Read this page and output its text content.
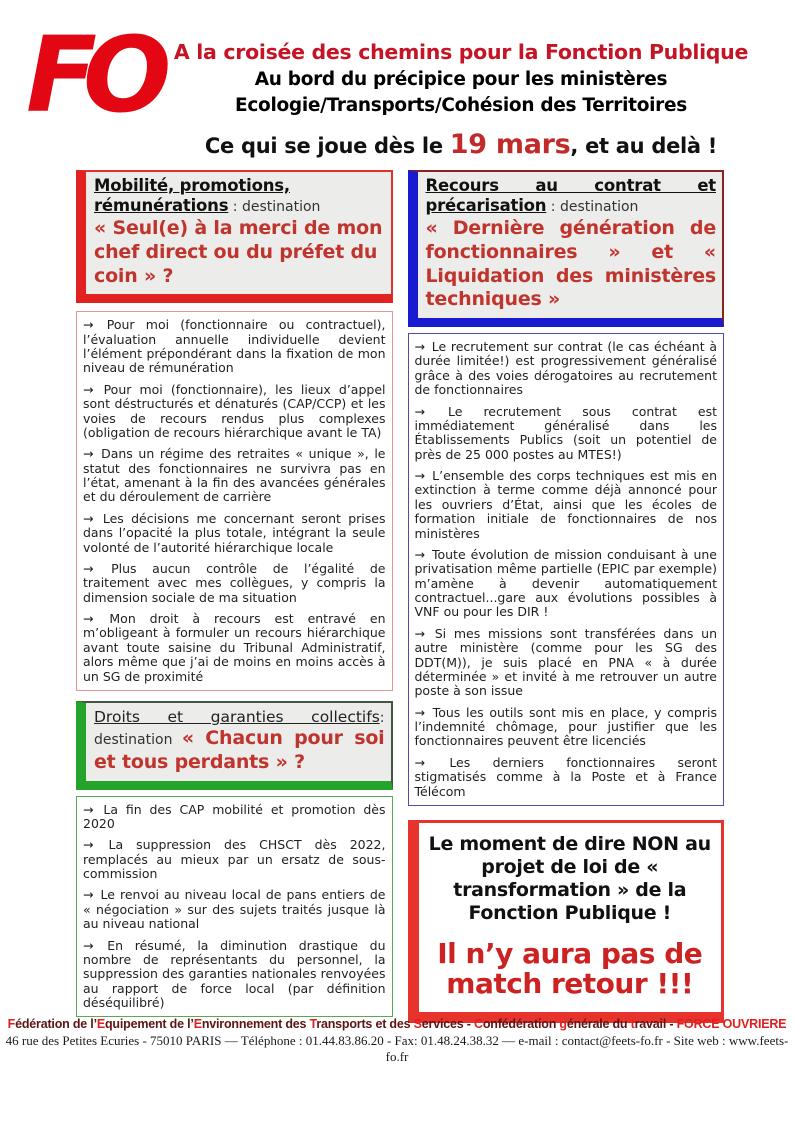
FO A la croisée des chemins pour la Fonction Publique
Au bord du précipice pour les ministères
Ecologie/Transports/Cohésion des Territoires
Ce qui se joue dès le 19 mars, et au delà !
Mobilité, promotions, rémunérations : destination
« Seul(e) à la merci de mon chef direct ou du préfet du coin » ?

→ Pour moi (fonctionnaire ou contractuel), l’évaluation annuelle individuelle devient l’élément prépondérant dans la fixation de mon niveau de rémunération

→ Pour moi (fonctionnaire), les lieux d’appel sont déstructurés et dénaturés (CAP/CCP) et les voies de recours rendus plus complexes (obligation de recours hiérarchique avant le TA)

→ Dans un régime des retraites « unique », le statut des fonctionnaires ne survivra pas en l’état, amenant à la fin des avancées générales et du déroulement de carrière

→ Les décisions me concernant seront prises dans l’opacité la plus totale, intégrant la seule volonté de l’autorité hiérarchique locale

→ Plus aucun contrôle de l’égalité de traitement avec mes collègues, y compris la dimension sociale de ma situation

→ Mon droit à recours est entravé en m’obligeant à formuler un recours hiérarchique avant toute saisine du Tribunal Administratif, alors même que j’ai de moins en moins accès à un SG de proximité

Droits et garanties collectifs: destination « Chacun pour soi et tous perdants » ?

→ La fin des CAP mobilité et promotion dès 2020

→ La suppression des CHSCT dès 2022, remplacés au mieux par un ersatz de sous-commission

→ Le renvoi au niveau local de pans entiers de « négociation » sur des sujets traités jusque là au niveau national

→ En résumé, la diminution drastique du nombre de représentants du personnel, la suppression des garanties nationales renvoyées au rapport de force local (par définition déséquilibré)

Recours au contrat et précarisation : destination
« Dernière génération de fonctionnaires » et « Liquidation des ministères techniques »

→ Le recrutement sur contrat (le cas échéant à durée limitée!) est progressivement généralisé grâce à des voies dérogatoires au recrutement de fonctionnaires

→ Le recrutement sous contrat est immédiatement généralisé dans les Établissements Publics (soit un potentiel de près de 25 000 postes au MTES!)

→ L’ensemble des corps techniques est mis en extinction à terme comme déjà annoncé pour les ouvriers d’État, ainsi que les écoles de formation initiale de fonctionnaires de nos ministères

→ Toute évolution de mission conduisant à une privatisation même partielle (EPIC par exemple) m’amène à devenir automatiquement contractuel...gare aux évolutions possibles à VNF ou pour les DIR !

→ Si mes missions sont transférées dans un autre ministère (comme pour les SG des DDT(M)), je suis placé en PNA « à durée déterminée » et invité à me retrouver un autre poste à son issue

→ Tous les outils sont mis en place, y compris l’indemnité chômage, pour justifier que les fonctionnaires peuvent être licenciés

→ Les derniers fonctionnaires seront stigmatisés comme à la Poste et à France Télécom

Le moment de dire NON au projet de loi de « transformation » de la Fonction Publique !
Il n’y aura pas de match retour !!!
Fédération de l’Equipement de l’Environnement des Transports et des Services - Confédération générale du travail - FORCE OUVRIERE
46 rue des Petites Ecuries - 75010 PARIS — Téléphone : 01.44.83.86.20 - Fax: 01.48.24.38.32 — e-mail : contact@feets-fo.fr - Site web : www.feets-fo.fr
